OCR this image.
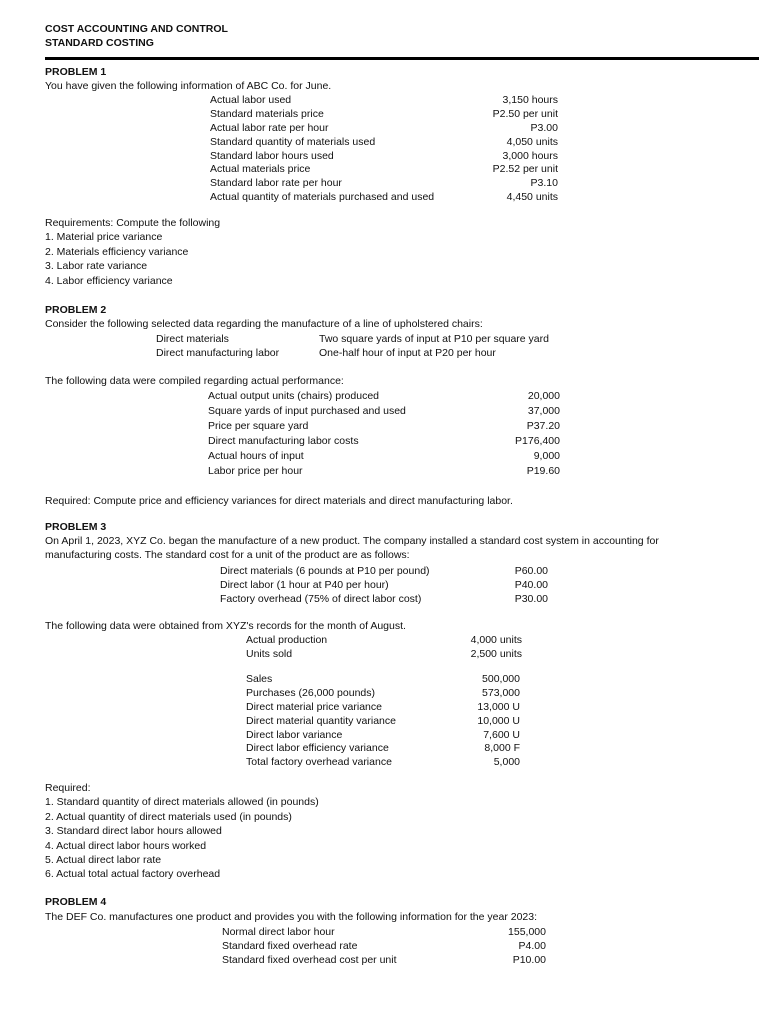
COST ACCOUNTING AND CONTROL
STANDARD COSTING
PROBLEM 1
You have given the following information of ABC Co. for June.
Actual labor used	3,150 hours
Standard materials price	P2.50 per unit
Actual labor rate per hour	P3.00
Standard quantity of materials used	4,050 units
Standard labor hours used	3,000 hours
Actual materials price	P2.52 per unit
Standard labor rate per hour	P3.10
Actual quantity of materials purchased and used	4,450 units
Requirements: Compute the following
1. Material price variance
2. Materials efficiency variance
3. Labor rate variance
4. Labor efficiency variance
PROBLEM 2
Consider the following selected data regarding the manufacture of a line of upholstered chairs:
Direct materials	Two square yards of input at P10 per square yard
Direct manufacturing labor	One-half hour of input at P20 per hour
The following data were compiled regarding actual performance:
Actual output units (chairs) produced	20,000
Square yards of input purchased and used	37,000
Price per square yard	P37.20
Direct manufacturing labor costs	P176,400
Actual hours of input	9,000
Labor price per hour	P19.60
Required: Compute price and efficiency variances for direct materials and direct manufacturing labor.
PROBLEM 3
On April 1, 2023, XYZ Co. began the manufacture of a new product. The company installed a standard cost system in accounting for
manufacturing costs. The standard cost for a unit of the product are as follows:
Direct materials (6 pounds at P10 per pound)	P60.00
Direct labor (1 hour at P40 per hour)	P40.00
Factory overhead (75% of direct labor cost)	P30.00
The following data were obtained from XYZ's records for the month of August.
Actual production	4,000 units
Units sold	2,500 units
Sales	500,000
Purchases (26,000 pounds)	573,000
Direct material price variance	13,000 U
Direct material quantity variance	10,000 U
Direct labor variance	7,600 U
Direct labor efficiency variance	8,000 F
Total factory overhead variance	5,000
Required:
1. Standard quantity of direct materials allowed (in pounds)
2. Actual quantity of direct materials used (in pounds)
3. Standard direct labor hours allowed
4. Actual direct labor hours worked
5. Actual direct labor rate
6. Actual total actual factory overhead
PROBLEM 4
The DEF Co. manufactures one product and provides you with the following information for the year 2023:
Normal direct labor hour	155,000
Standard fixed overhead rate	P4.00
Standard fixed overhead cost per unit	P10.00
